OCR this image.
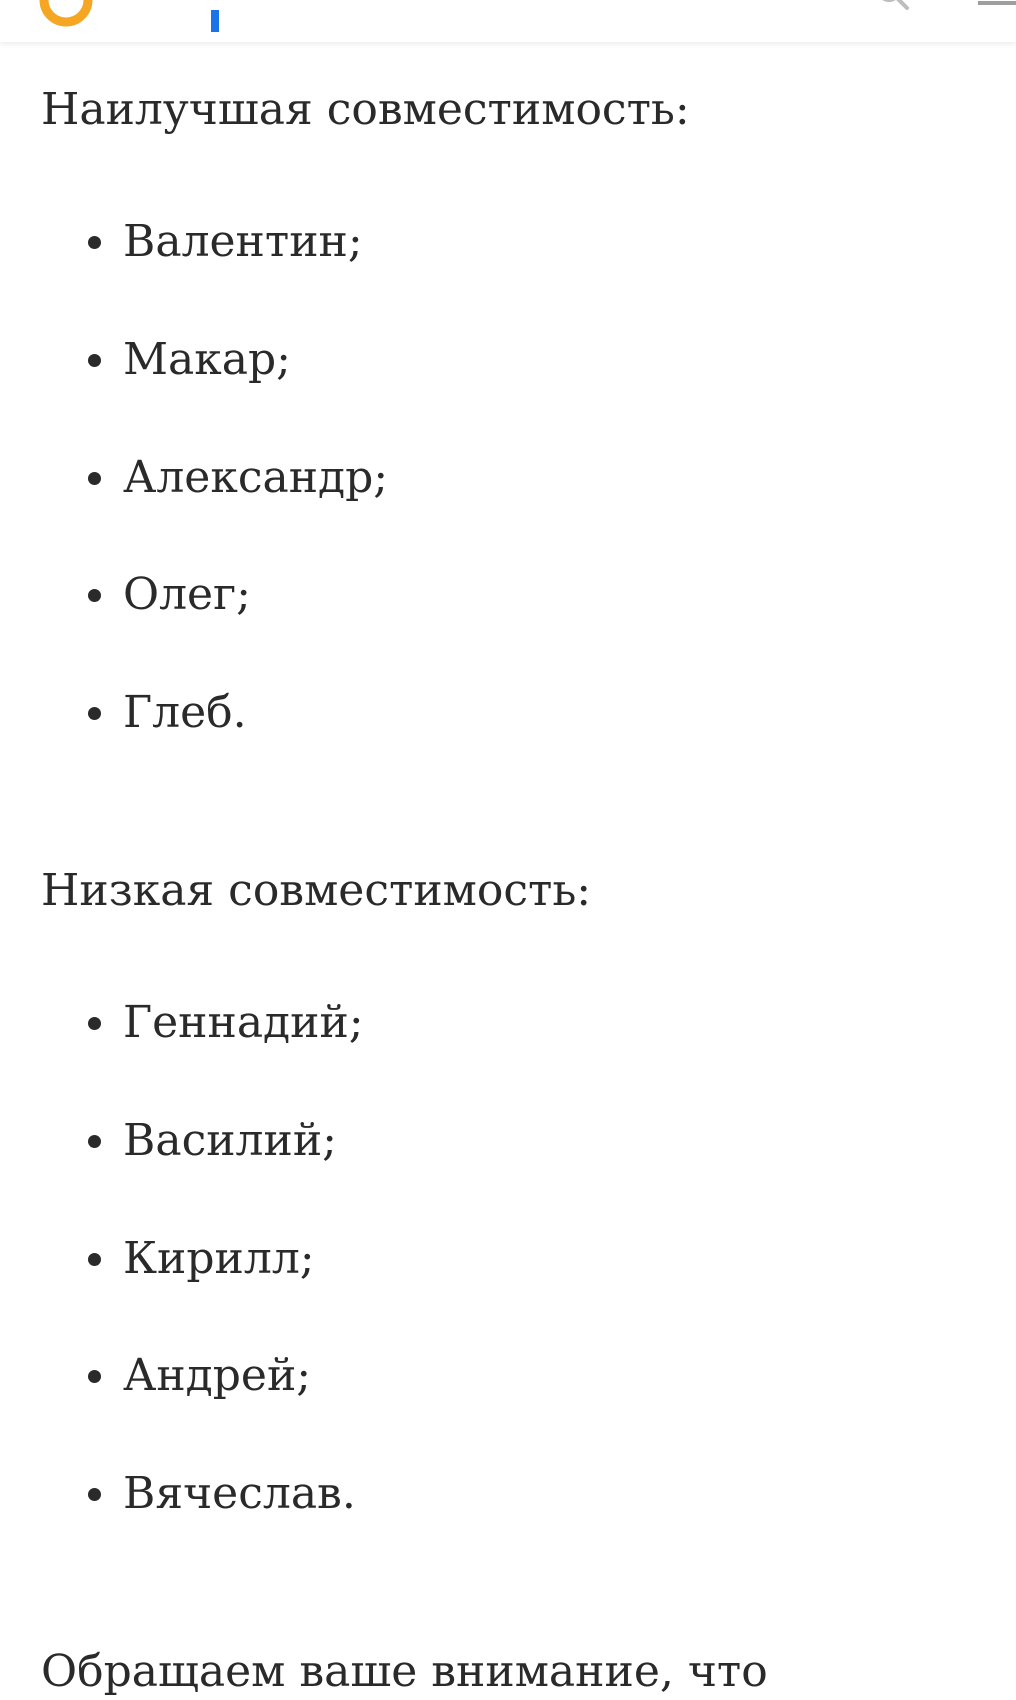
Наилучшая совместимость:
Валентин;
Макар;
Александр;
Олег;
Глеб.
Низкая совместимость:
Геннадий;
Василий;
Кирилл;
Андрей;
Вячеслав.

Обращаем ваше внимание, что
